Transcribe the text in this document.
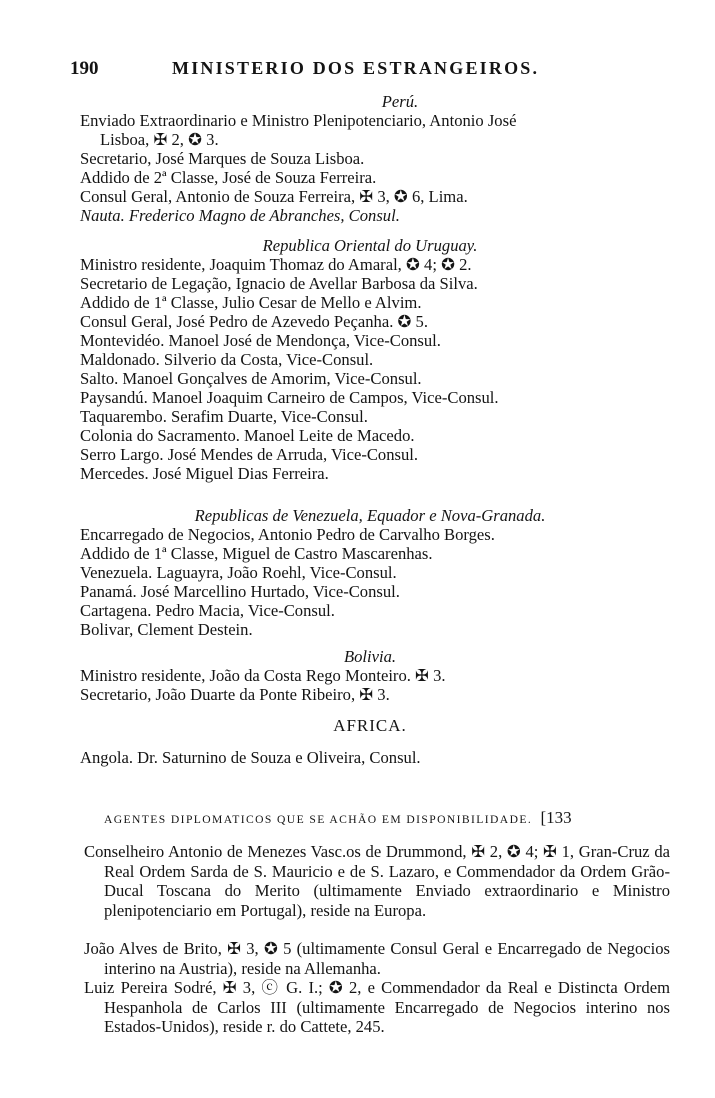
190	MINISTERIO DOS ESTRANGEIROS.
Perú.
Enviado Extraordinario e Ministro Plenipotenciario, Antonio José
Lisboa, ✠ 2, ✪ 3.
Secretario, José Marques de Souza Lisboa.
Addido de 2ª Classe, José de Souza Ferreira.
Consul Geral, Antonio de Souza Ferreira, ✠ 3, ✪ 6, Lima.
Nauta. Frederico Magno de Abranches, Consul.
Republica Oriental do Uruguay.
Ministro residente, Joaquim Thomaz do Amaral, ✪ 4; ✪ 2.
Secretario de Legação, Ignacio de Avellar Barbosa da Silva.
Addido de 1ª Classe, Julio Cesar de Mello e Alvim.
Consul Geral, José Pedro de Azevedo Peçanha. ✪ 5.
Montevidéo. Manoel José de Mendonça, Vice-Consul.
Maldonado. Silverio da Costa, Vice-Consul.
Salto. Manoel Gonçalves de Amorim, Vice-Consul.
Paysandú. Manoel Joaquim Carneiro de Campos, Vice-Consul.
Taquarembo. Serafim Duarte, Vice-Consul.
Colonia do Sacramento. Manoel Leite de Macedo.
Serro Largo. José Mendes de Arruda, Vice-Consul.
Mercedes. José Miguel Dias Ferreira.
Republicas de Venezuela, Equador e Nova-Granada.
Encarregado de Negocios, Antonio Pedro de Carvalho Borges.
Addido de 1ª Classe, Miguel de Castro Mascarenhas.
Venezuela. Laguayra, João Roehl, Vice-Consul.
Panamá. José Marcellino Hurtado, Vice-Consul.
Cartagena. Pedro Macia, Vice-Consul.
Bolivar, Clement Destein.
Bolivia.
Ministro residente, João da Costa Rego Monteiro. ✠ 3.
Secretario, João Duarte da Ponte Ribeiro, ✠ 3.
AFRICA.
Angola. Dr. Saturnino de Souza e Oliveira, Consul.
AGENTES DIPLOMATICOS QUE SE ACHÃO EM DISPONIBILIDADE. [133
Conselheiro Antonio de Menezes Vasc.os de Drummond, ✠ 2, ✪ 4; ✠ 1, Gran-Cruz da Real Ordem Sarda de S. Mauricio e de S. Lazaro, e Commendador da Ordem Grão-Ducal Toscana do Merito (ultimamente Enviado extraordinario e Ministro plenipotenciario em Portugal), reside na Europa.
João Alves de Brito, ✠ 3, ✪ 5 (ultimamente Consul Geral e Encarregado de Negocios interino na Austria), reside na Allemanha.
Luiz Pereira Sodré, ✠ 3, ⓒ G. I.; ✪ 2, e Commendador da Real e Distincta Ordem Hespanhola de Carlos III (ultimamente Encarregado de Negocios interino nos Estados-Unidos), reside r. do Cattete, 245.
